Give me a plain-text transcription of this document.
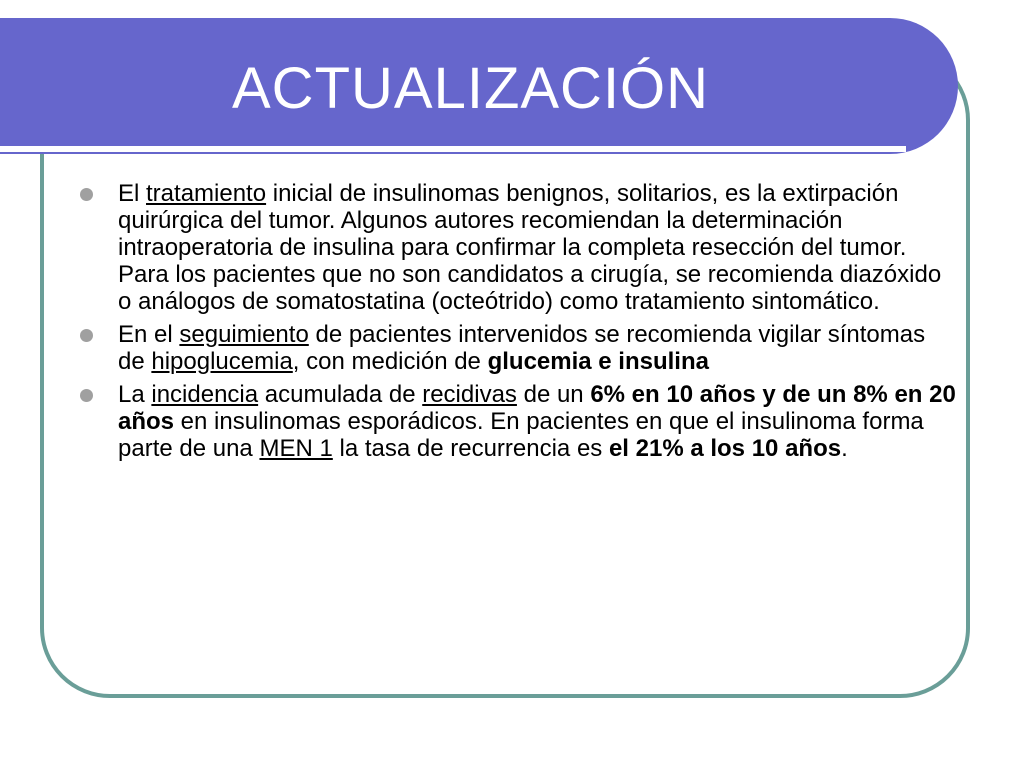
ACTUALIZACIÓN
El tratamiento inicial de insulinomas benignos, solitarios, es la extirpación quirúrgica del tumor. Algunos autores recomiendan la determinación intraoperatoria de insulina para confirmar la completa resección del tumor. Para los pacientes que no son candidatos a cirugía, se recomienda diazóxido o análogos de somatostatina (octeótrido) como tratamiento sintomático.
En el seguimiento de pacientes intervenidos se recomienda vigilar síntomas de hipoglucemia, con medición de glucemia e insulina
La incidencia acumulada de recidivas de un 6% en 10 años y de un 8% en 20 años en insulinomas esporádicos. En pacientes en que el insulinoma forma parte de una MEN 1 la tasa de recurrencia es el 21% a los 10 años.
